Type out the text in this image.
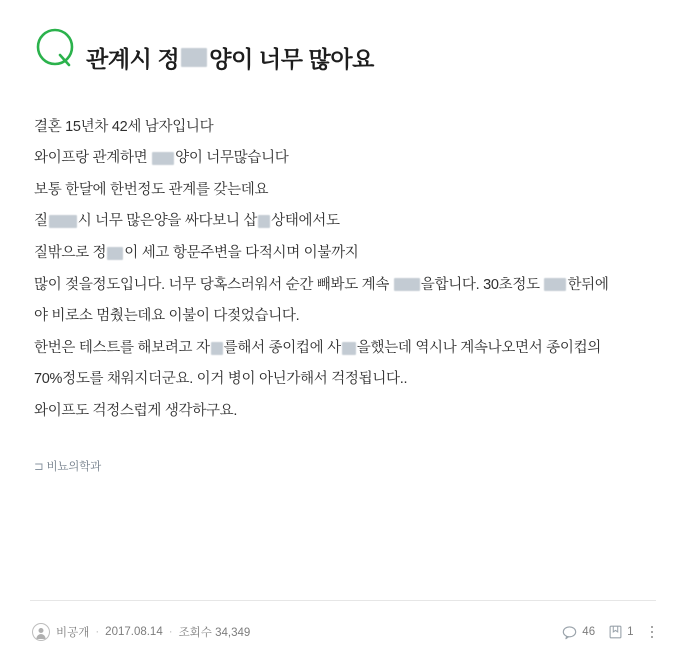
관계시 정 양이 너무 많아요

결혼 15년차 42세 남자입니다

와이프랑 관계하면 양이 너무많습니다

보통 한달에 한번정도 관계를 갖는데요

질 시 너무 많은양을 싸다보니 삽 상태에서도

질밖으로 정 이 세고 항문주변을 다적시며 이불까지

많이 젖을정도입니다. 너무 당혹스러워서 순간 빼봐도 계속 을합니다. 30초정도 한뒤에

야 비로소 멈췄는데요 이불이 다젖었습니다.

한번은 테스트를 해보려고 자 를해서 종이컵에 사 을했는데 역시나 계속나오면서 종이컵의

70%정도를 채워지더군요. 이거 병이 아닌가해서 걱정됩니다..

와이프도 걱정스럽게 생각하구요.

⊐ 비뇨의학과
비공개 · 2017.08.14 · 조회수 34,349	46	1
